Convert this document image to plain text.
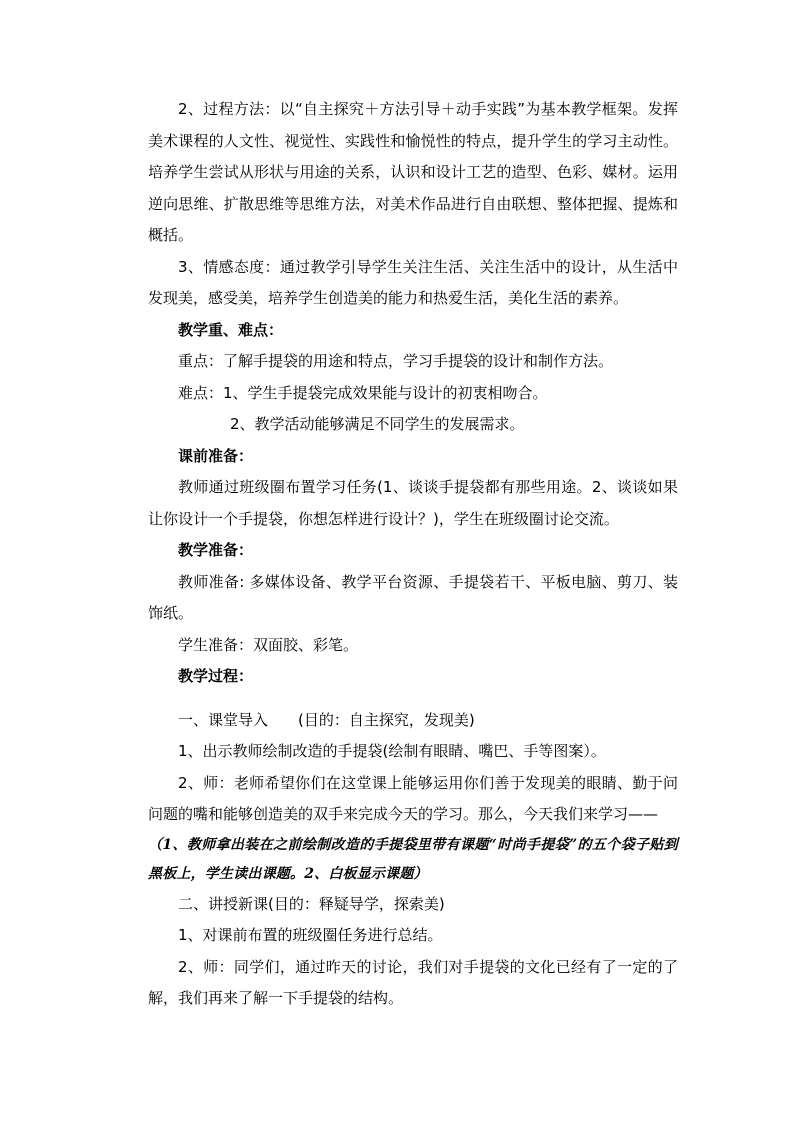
2、过程方法：以“自主探究＋方法引导＋动手实践”为基本教学框架。发挥美术课程的人文性、视觉性、实践性和愉悦性的特点，提升学生的学习主动性。培养学生尝试从形状与用途的关系，认识和设计工艺的造型、色彩、媒材。运用逆向思维、扩散思维等思维方法，对美术作品进行自由联想、整体把握、提炼和概括。

3、情感态度：通过教学引导学生关注生活、关注生活中的设计，从生活中发现美，感受美，培养学生创造美的能力和热爱生活，美化生活的素养。

教学重、难点：

重点：了解手提袋的用途和特点，学习手提袋的设计和制作方法。

难点：1、学生手提袋完成效果能与设计的初衷相吻合。

2、教学活动能够满足不同学生的发展需求。

课前准备：

教师通过班级圈布置学习任务(1、谈谈手提袋都有那些用途。2、谈谈如果让你设计一个手提袋，你想怎样进行设计？)，学生在班级圈讨论交流。

教学准备：

教师准备: 多媒体设备、教学平台资源、手提袋若干、平板电脑、剪刀、装饰纸。

学生准备：双面胶、彩笔。

教学过程：

一、课堂导入　　(目的：自主探究，发现美)

1、出示教师绘制改造的手提袋(绘制有眼睛、嘴巴、手等图案）。

2、师：老师希望你们在这堂课上能够运用你们善于发现美的眼睛、勤于问问题的嘴和能够创造美的双手来完成今天的学习。那么，今天我们来学习——

（1、教师拿出装在之前绘制改造的手提袋里带有课题“时尚手提袋”的五个袋子贴到黑板上，学生读出课题。2、白板显示课题）

二、讲授新课(目的：释疑导学，探索美)

1、对课前布置的班级圈任务进行总结。

2、师：同学们，通过昨天的讨论，我们对手提袋的文化已经有了一定的了解，我们再来了解一下手提袋的结构。
